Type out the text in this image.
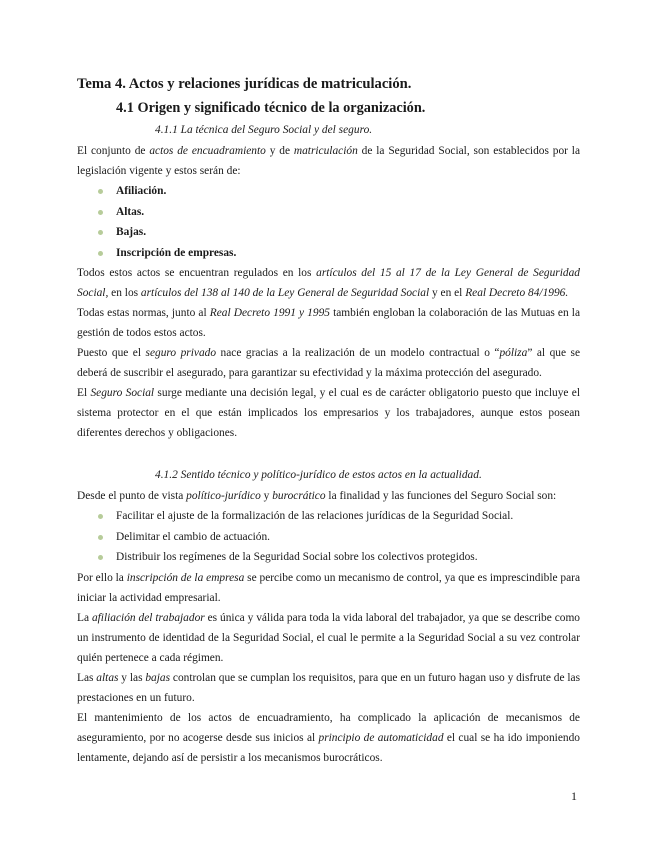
Tema 4. Actos y relaciones jurídicas de matriculación.
4.1 Origen y significado técnico de la organización.
4.1.1 La técnica del Seguro Social y del seguro.

El conjunto de actos de encuadramiento y de matriculación de la Seguridad Social, son establecidos por la legislación vigente y estos serán de:

Afiliación.
Altas.
Bajas.
Inscripción de empresas.

Todos estos actos se encuentran regulados en los artículos del 15 al 17 de la Ley General de Seguridad Social, en los artículos del 138 al 140 de la Ley General de Seguridad Social y en el Real Decreto 84/1996.

Todas estas normas, junto al Real Decreto 1991 y 1995 también engloban la colaboración de las Mutuas en la gestión de todos estos actos.

Puesto que el seguro privado nace gracias a la realización de un modelo contractual o “póliza” al que se deberá de suscribir el asegurado, para garantizar su efectividad y la máxima protección del asegurado.

El Seguro Social surge mediante una decisión legal, y el cual es de carácter obligatorio puesto que incluye el sistema protector en el que están implicados los empresarios y los trabajadores, aunque estos posean diferentes derechos y obligaciones.

4.1.2 Sentido técnico y político-jurídico de estos actos en la actualidad.

Desde el punto de vista político-jurídico y burocrático la finalidad y las funciones del Seguro Social son:

Facilitar el ajuste de la formalización de las relaciones jurídicas de la Seguridad Social.
Delimitar el cambio de actuación.
Distribuir los regímenes de la Seguridad Social sobre los colectivos protegidos.

Por ello la inscripción de la empresa se percibe como un mecanismo de control, ya que es imprescindible para iniciar la actividad empresarial.

La afiliación del trabajador es única y válida para toda la vida laboral del trabajador, ya que se describe como un instrumento de identidad de la Seguridad Social, el cual le permite a la Seguridad Social a su vez controlar quién pertenece a cada régimen.

Las altas y las bajas controlan que se cumplan los requisitos, para que en un futuro hagan uso y disfrute de las prestaciones en un futuro.

El mantenimiento de los actos de encuadramiento, ha complicado la aplicación de mecanismos de aseguramiento, por no acogerse desde sus inicios al principio de automaticidad el cual se ha ido imponiendo lentamente, dejando así de persistir a los mecanismos burocráticos.

1
